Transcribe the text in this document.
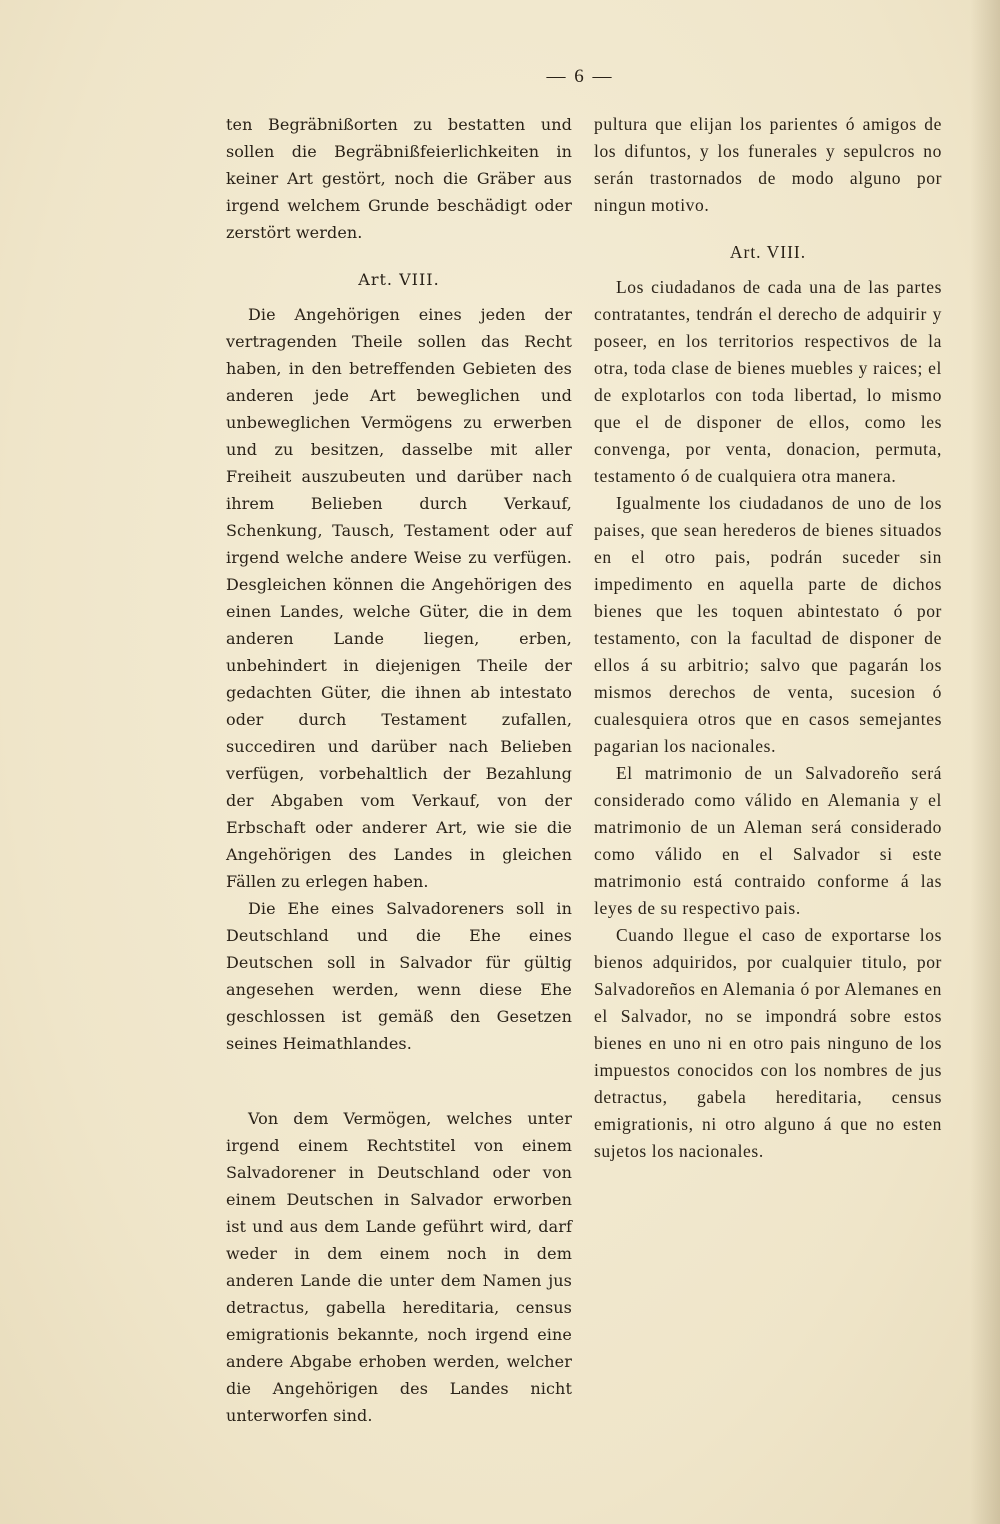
— 6 —

ten Begräbnißorten zu bestatten und sollen die Begräbnißfeierlichkeiten in keiner Art gestört, noch die Gräber aus irgend welchem Grunde beschädigt oder zerstört werden.

Art. VIII.

Die Angehörigen eines jeden der vertragenden Theile sollen das Recht haben, in den betreffenden Gebieten des anderen jede Art beweglichen und unbeweglichen Vermögens zu erwerben und zu besitzen, dasselbe mit aller Freiheit auszubeuten und darüber nach ihrem Belieben durch Verkauf, Schenkung, Tausch, Testament oder auf irgend welche andere Weise zu verfügen. Desgleichen können die Angehörigen des einen Landes, welche Güter, die in dem anderen Lande liegen, erben, unbehindert in diejenigen Theile der gedachten Güter, die ihnen ab intestato oder durch Testament zufallen, succediren und darüber nach Belieben verfügen, vorbehaltlich der Bezahlung der Abgaben vom Verkauf, von der Erbschaft oder anderer Art, wie sie die Angehörigen des Landes in gleichen Fällen zu erlegen haben.

Die Ehe eines Salvadoreners soll in Deutschland und die Ehe eines Deutschen soll in Salvador für gültig angesehen werden, wenn diese Ehe geschlossen ist gemäß den Gesetzen seines Heimathlandes.

Von dem Vermögen, welches unter irgend einem Rechtstitel von einem Salvadorener in Deutschland oder von einem Deutschen in Salvador erworben ist und aus dem Lande geführt wird, darf weder in dem einem noch in dem anderen Lande die unter dem Namen jus detractus, gabella hereditaria, census emigrationis bekannte, noch irgend eine andere Abgabe erhoben werden, welcher die Angehörigen des Landes nicht unterworfen sind.

pultura que elijan los parientes ó amigos de los difuntos, y los funerales y sepulcros no serán trastornados de modo alguno por ningun motivo.

Art. VIII.

Los ciudadanos de cada una de las partes contratantes, tendrán el derecho de adquirir y poseer, en los territorios respectivos de la otra, toda clase de bienes muebles y raices; el de explotarlos con toda libertad, lo mismo que el de disponer de ellos, como les convenga, por venta, donacion, permuta, testamento ó de cualquiera otra manera.

Igualmente los ciudadanos de uno de los paises, que sean herederos de bienes situados en el otro pais, podrán suceder sin impedimento en aquella parte de dichos bienes que les toquen abintestato ó por testamento, con la facultad de disponer de ellos á su arbitrio; salvo que pagarán los mismos derechos de venta, sucesion ó cualesquiera otros que en casos semejantes pagarian los nacionales.

El matrimonio de un Salvadoreño será considerado como válido en Alemania y el matrimonio de un Aleman será considerado como válido en el Salvador si este matrimonio está contraido conforme á las leyes de su respectivo pais.

Cuando llegue el caso de exportarse los bienos adquiridos, por cualquier titulo, por Salvadoreños en Alemania ó por Alemanes en el Salvador, no se impondrá sobre estos bienes en uno ni en otro pais ninguno de los impuestos conocidos con los nombres de jus detractus, gabela hereditaria, census emigrationis, ni otro alguno á que no esten sujetos los nacionales.
